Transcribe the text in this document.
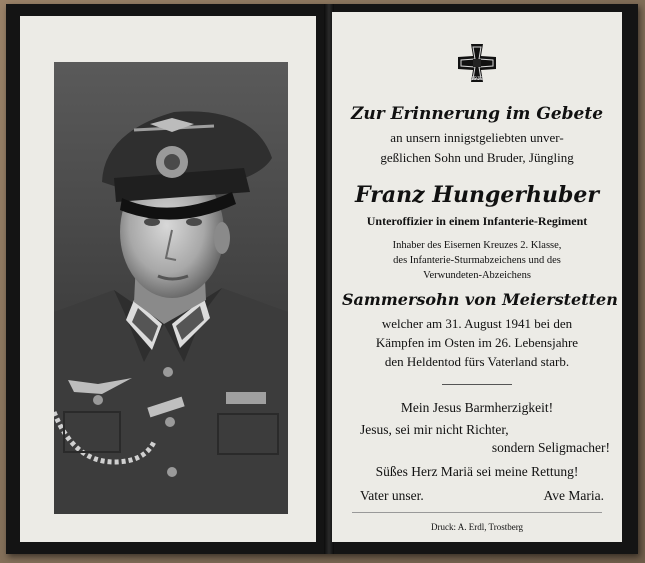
1939
Zur Erinnerung im Gebete
an unsern innigstgeliebten unver-
geßlichen Sohn und Bruder, Jüngling
Franz Hungerhuber
Unteroffizier in einem Infanterie-Regiment
Inhaber des Eisernen Kreuzes 2. Klasse,
des Infanterie-Sturmabzeichens und des
Verwundeten-Abzeichens
Sammersohn von Meierstetten
welcher am 31. August 1941 bei den
Kämpfen im Osten im 26. Lebensjahre
den Heldentod fürs Vaterland starb.
Mein Jesus Barmherzigkeit!
Jesus, sei mir nicht Richter,
sondern Seligmacher!
Süßes Herz Mariä sei meine Rettung!
Vater unser.	Ave Maria.
Druck: A. Erdl, Trostberg
